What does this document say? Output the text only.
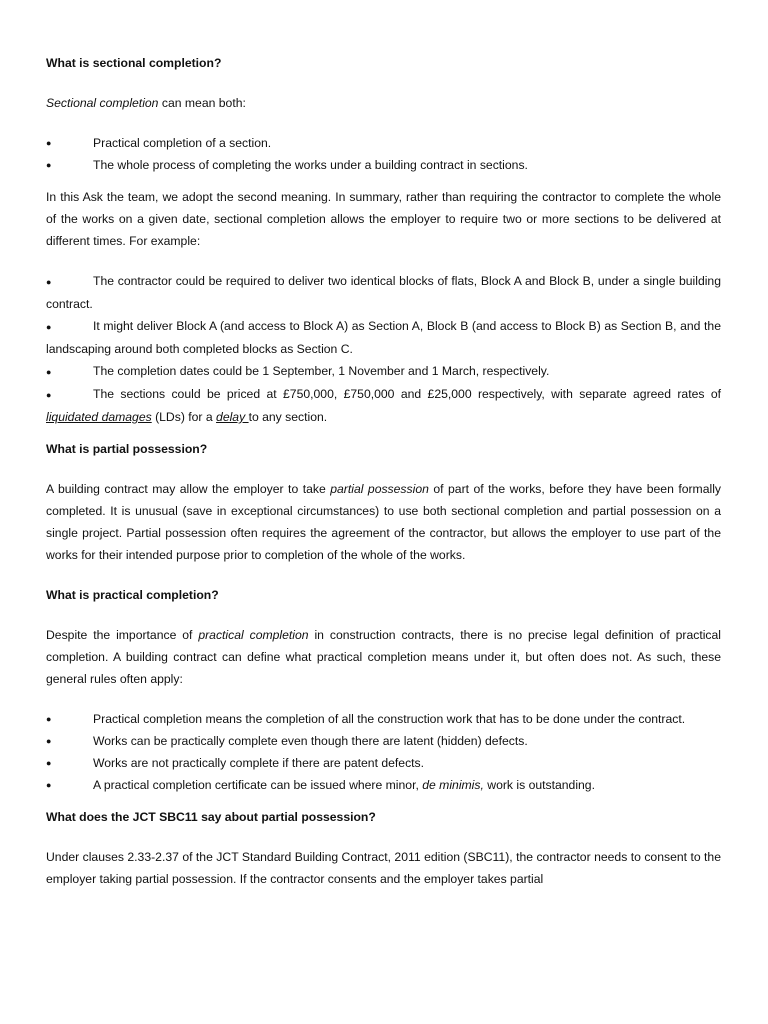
What is sectional completion?

Sectional completion can mean both:

●	Practical completion of a section.
●	The whole process of completing the works under a building contract in sections.

In this Ask the team, we adopt the second meaning. In summary, rather than requiring the contractor to complete the whole of the works on a given date, sectional completion allows the employer to require two or more sections to be delivered at different times. For example:

●	The contractor could be required to deliver two identical blocks of flats, Block A and Block B, under a single building contract.
●	It might deliver Block A (and access to Block A) as Section A, Block B (and access to Block B) as Section B, and the landscaping around both completed blocks as Section C.
●	The completion dates could be 1 September, 1 November and 1 March, respectively.
●	The sections could be priced at £750,000, £750,000 and £25,000 respectively, with separate agreed rates of liquidated damages (LDs) for a delay to any section.
What is partial possession?

A building contract may allow the employer to take partial possession of part of the works, before they have been formally completed. It is unusual (save in exceptional circumstances) to use both sectional completion and partial possession on a single project. Partial possession often requires the agreement of the contractor, but allows the employer to use part of the works for their intended purpose prior to completion of the whole of the works.

What is practical completion?

Despite the importance of practical completion in construction contracts, there is no precise legal definition of practical completion. A building contract can define what practical completion means under it, but often does not. As such, these general rules often apply:

●	Practical completion means the completion of all the construction work that has to be done under the contract.
●	Works can be practically complete even though there are latent (hidden) defects.
●	Works are not practically complete if there are patent defects.
●	A practical completion certificate can be issued where minor, de minimis, work is outstanding.
What does the JCT SBC11 say about partial possession?

Under clauses 2.33-2.37 of the JCT Standard Building Contract, 2011 edition (SBC11), the contractor needs to consent to the employer taking partial possession. If the contractor consents and the employer takes partial
